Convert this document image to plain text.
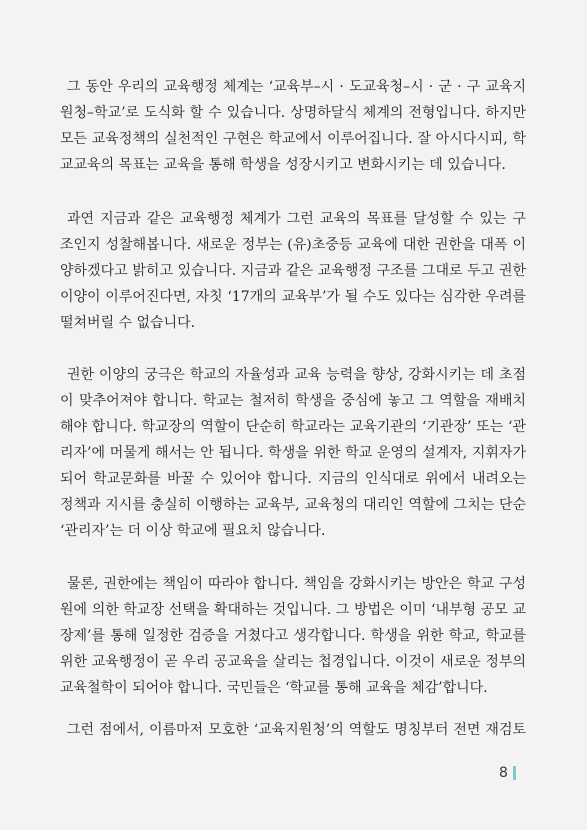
그 동안 우리의 교육행정 체계는 ‘교육부–시 · 도교육청–시 · 군 · 구 교육지
원청–학교’로 도식화 할 수 있습니다. 상명하달식 체계의 전형입니다. 하지만
모든 교육정책의 실천적인 구현은 학교에서 이루어집니다. 잘 아시다시피, 학
교교육의 목표는 교육을 통해 학생을 성장시키고 변화시키는 데 있습니다.
과연 지금과 같은 교육행정 체계가 그런 교육의 목표를 달성할 수 있는 구
조인지 성찰해봅니다. 새로운 정부는 (유)초중등 교육에 대한 권한을 대폭 이
양하겠다고 밝히고 있습니다. 지금과 같은 교육행정 구조를 그대로 두고 권한
이양이 이루어진다면, 자칫 ‘17개의 교육부’가 될 수도 있다는 심각한 우려를
떨쳐버릴 수 없습니다.
권한 이양의 궁극은 학교의 자율성과 교육 능력을 향상, 강화시키는 데 초점
이 맞추어져야 합니다. 학교는 철저히 학생을 중심에 놓고 그 역할을 재배치
해야 합니다. 학교장의 역할이 단순히 학교라는 교육기관의 ‘기관장’ 또는 ‘관
리자’에 머물게 해서는 안 됩니다. 학생을 위한 학교 운영의 설계자, 지휘자가
되어 학교문화를 바꿀 수 있어야 합니다. 지금의 인식대로 위에서 내려오는
정책과 지시를 충실히 이행하는 교육부, 교육청의 대리인 역할에 그치는 단순
‘관리자’는 더 이상 학교에 필요치 않습니다.
물론, 권한에는 책임이 따라야 합니다. 책임을 강화시키는 방안은 학교 구성
원에 의한 학교장 선택을 확대하는 것입니다. 그 방법은 이미 ‘내부형 공모 교
장제’를 통해 일정한 검증을 거쳤다고 생각합니다. 학생을 위한 학교, 학교를
위한 교육행정이 곧 우리 공교육을 살리는 첩경입니다. 이것이 새로운 정부의
교육철학이 되어야 합니다. 국민들은 ‘학교를 통해 교육을 체감’합니다.
그런 점에서, 이름마저 모호한 ‘교육지원청’의 역할도 명칭부터 전면 재검토
8
